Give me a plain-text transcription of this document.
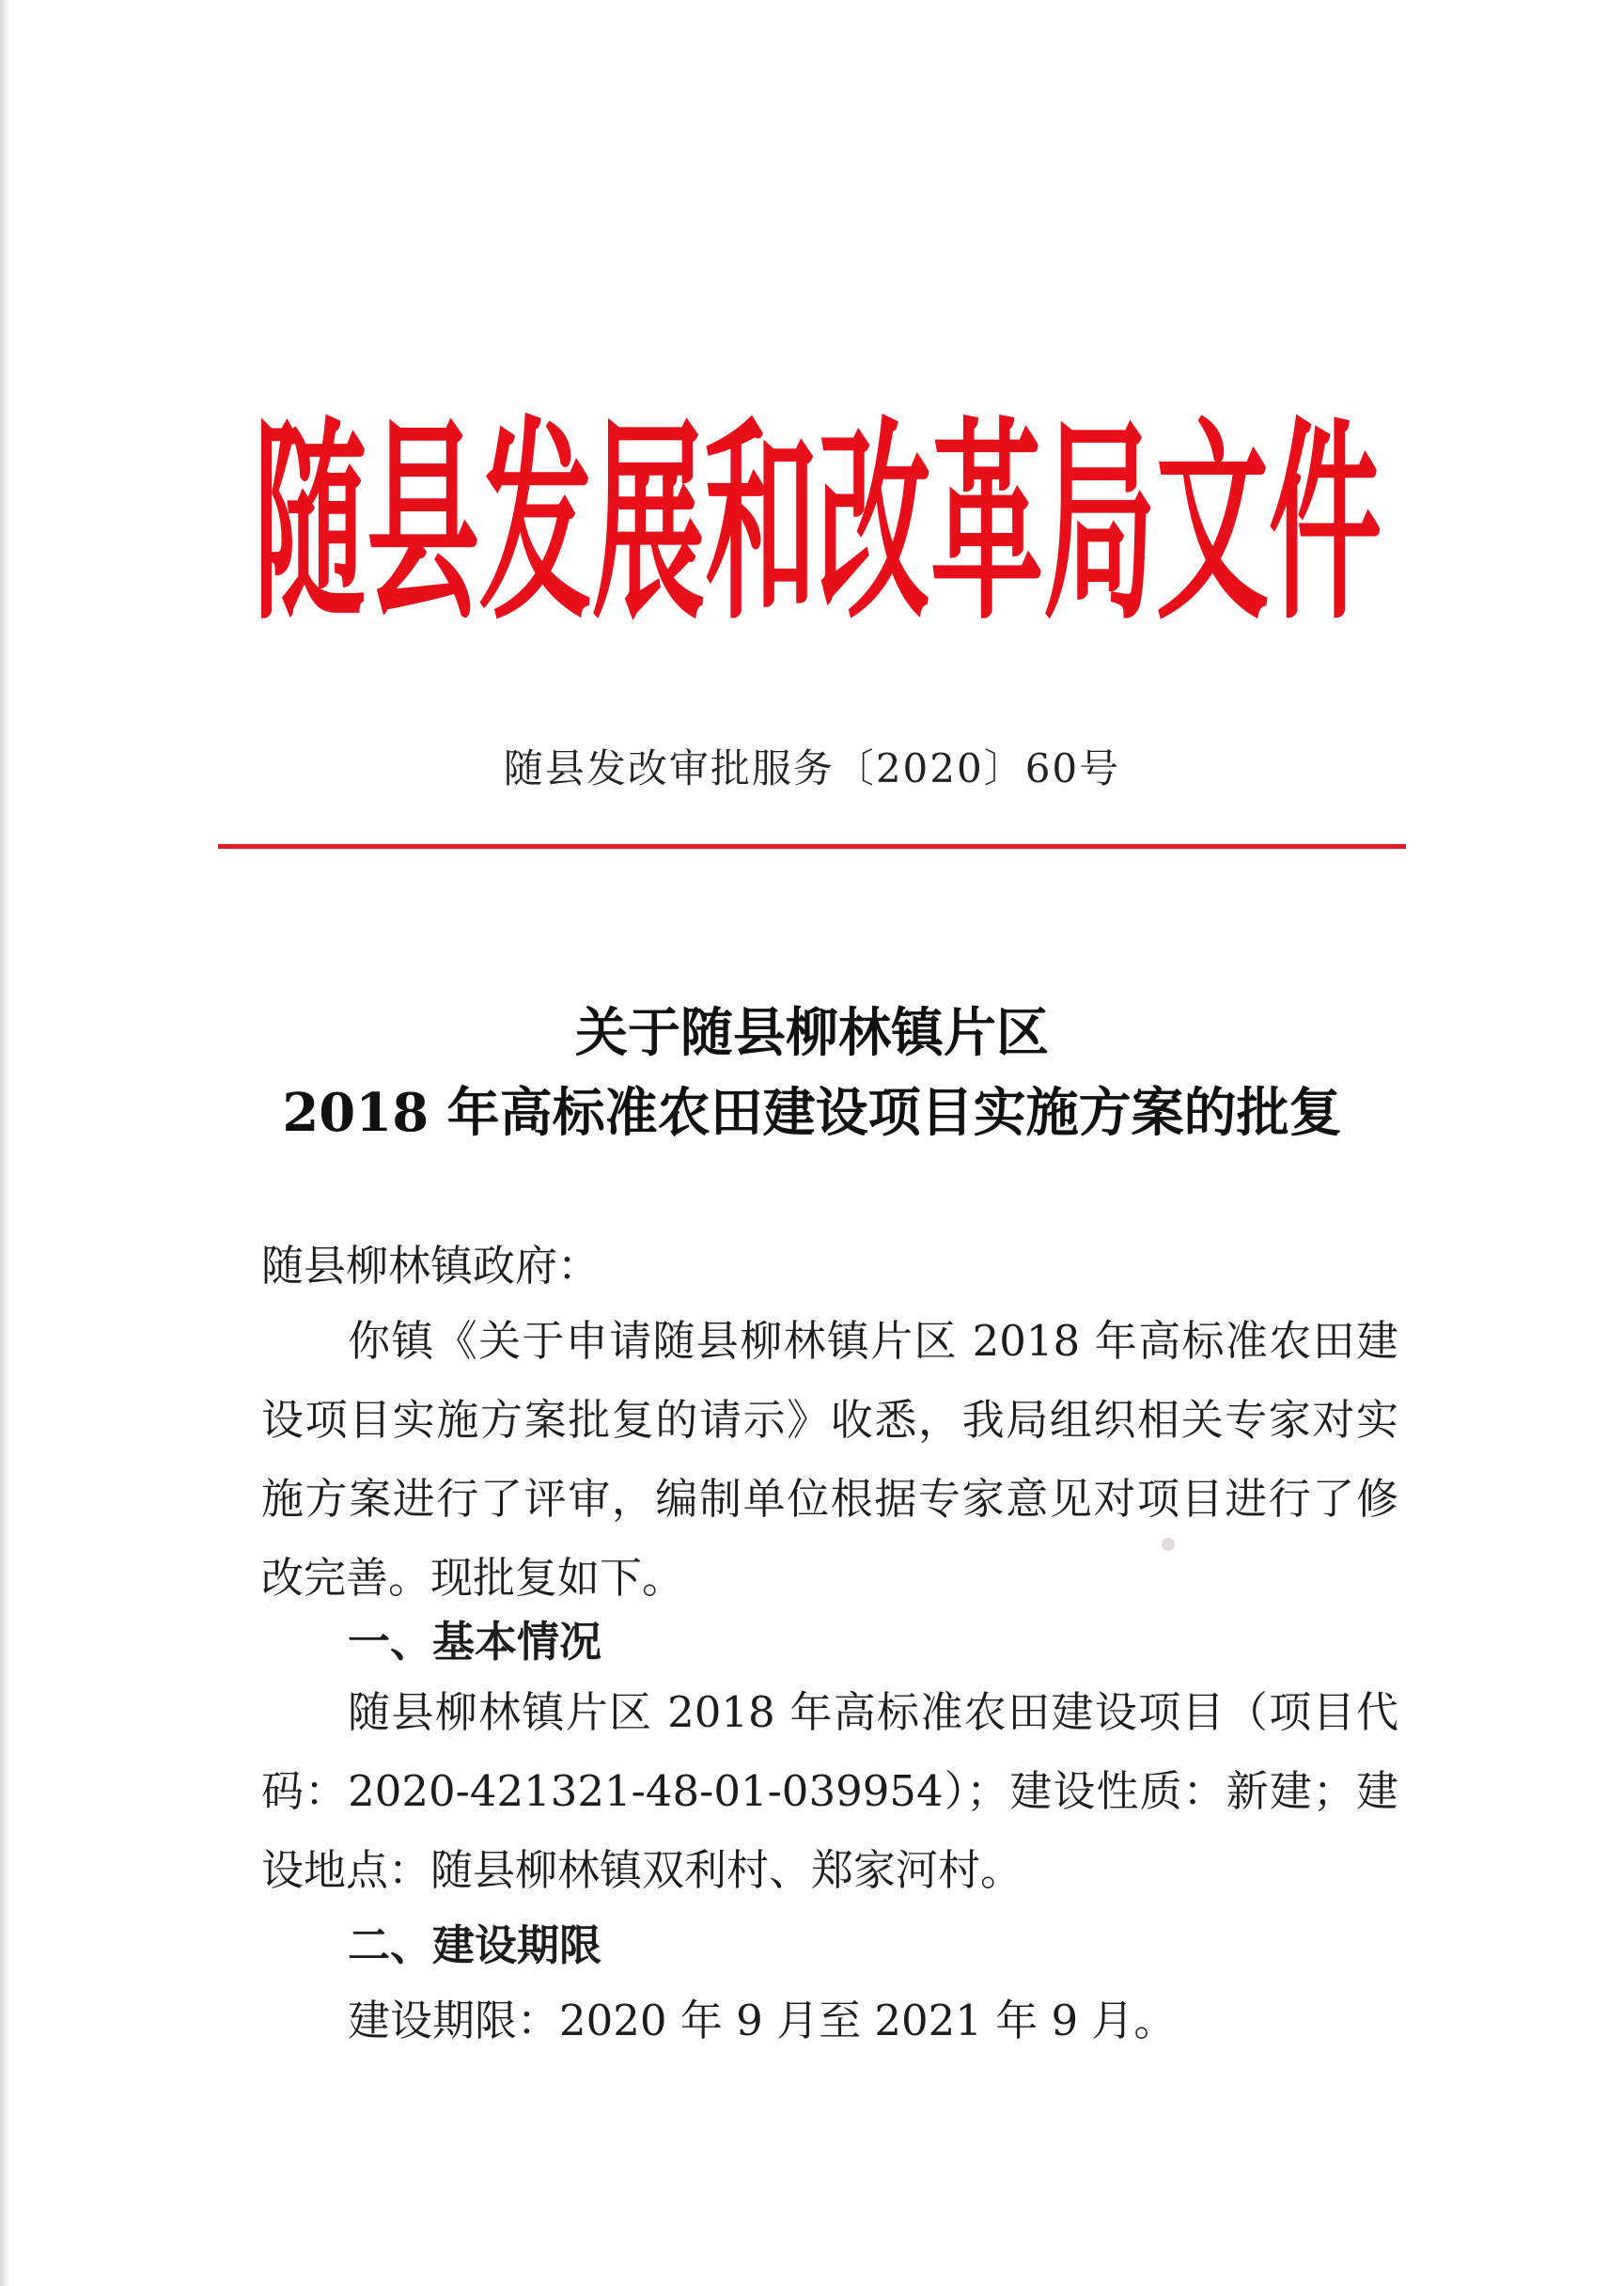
随县发展和改革局文件
随县发改审批服务〔2020〕60号
关于随县柳林镇片区
2018 年高标准农田建设项目实施方案的批复

随县柳林镇政府：

你镇《关于申请随县柳林镇片区 2018 年高标准农田建设项目实施方案批复的请示》收悉，我局组织相关专家对实施方案进行了评审，编制单位根据专家意见对项目进行了修改完善。现批复如下。

一、基本情况

随县柳林镇片区 2018 年高标准农田建设项目（项目代码：2020-421321-48-01-039954）；建设性质：新建；建设地点：随县柳林镇双利村、郑家河村。

二、建设期限

建设期限：2020 年 9 月至 2021 年 9 月。
